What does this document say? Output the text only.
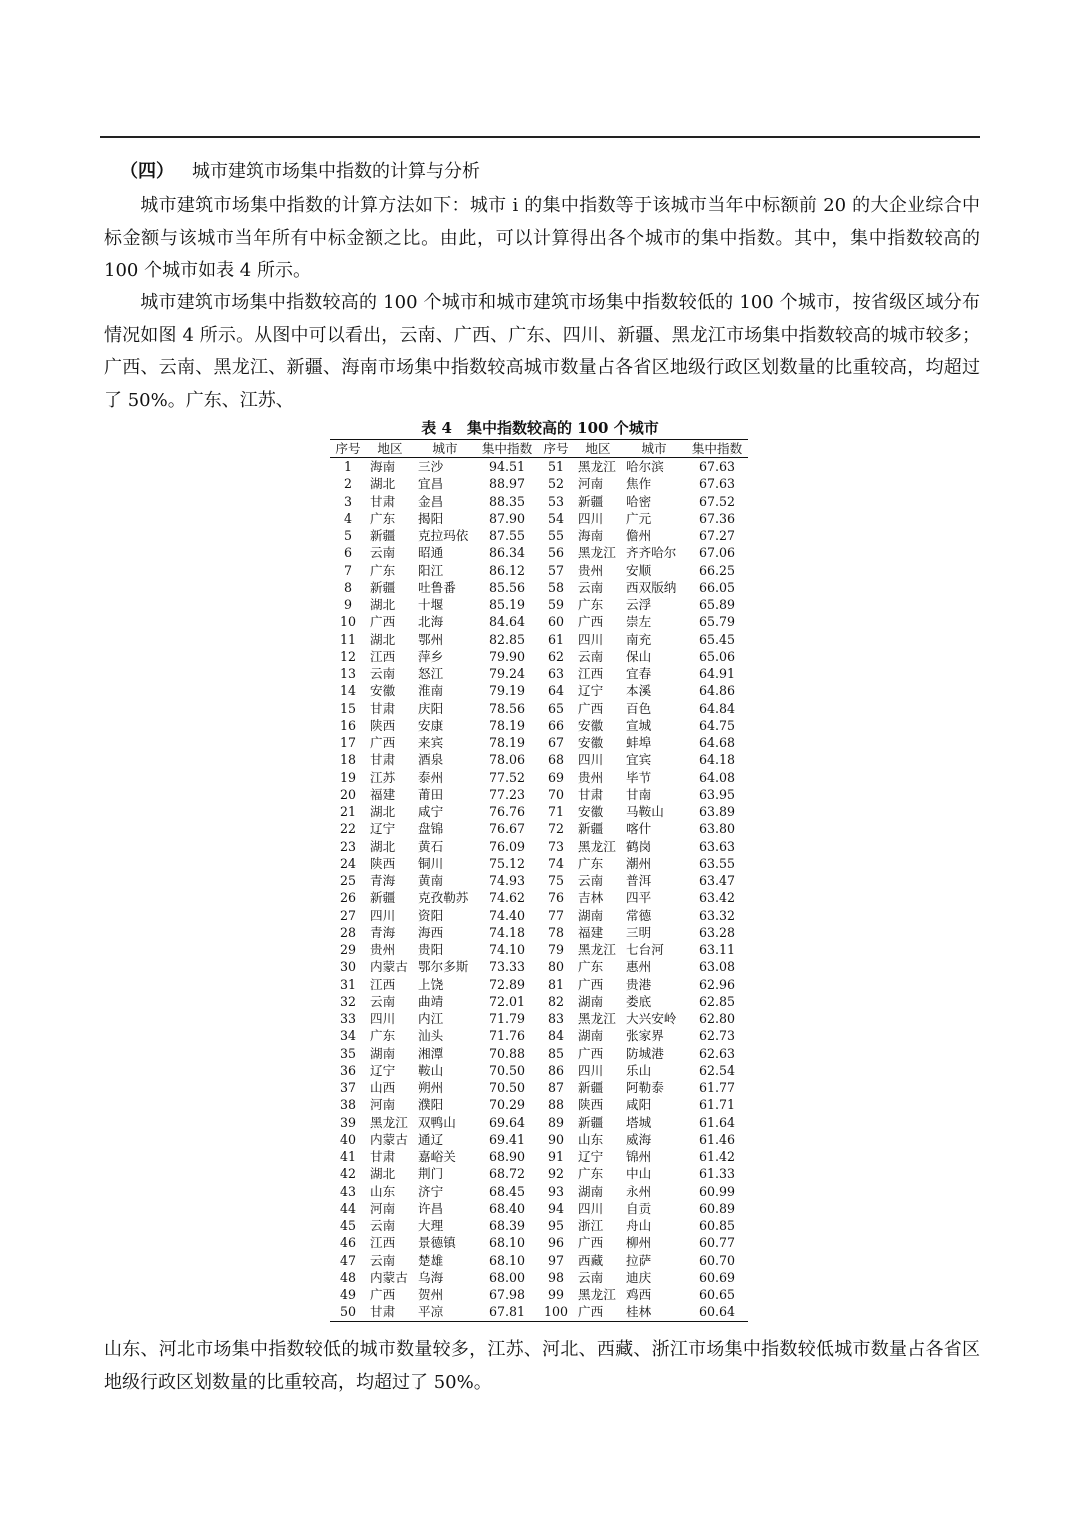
（四） 城市建筑市场集中指数的计算与分析
城市建筑市场集中指数的计算方法如下：城市 i 的集中指数等于该城市当年中标额前 20 的大企业综合中标金额与该城市当年所有中标金额之比。由此，可以计算得出各个城市的集中指数。其中，集中指数较高的 100 个城市如表 4 所示。
城市建筑市场集中指数较高的 100 个城市和城市建筑市场集中指数较低的 100 个城市，按省级区域分布情况如图 4 所示。从图中可以看出，云南、广西、广东、四川、新疆、黑龙江市场集中指数较高的城市较多；广西、云南、黑龙江、新疆、海南市场集中指数较高城市数量占各省区地级行政区划数量的比重较高，均超过了 50%。广东、江苏、
表 4　集中指数较高的 100 个城市
序号	地区	城市	集中指数	序号	地区	城市	集中指数
1	海南	三沙	94.51	51	黑龙江	哈尔滨	67.63
2	湖北	宜昌	88.97	52	河南	焦作	67.63
3	甘肃	金昌	88.35	53	新疆	哈密	67.52
4	广东	揭阳	87.90	54	四川	广元	67.36
5	新疆	克拉玛依	87.55	55	海南	儋州	67.27
6	云南	昭通	86.34	56	黑龙江	齐齐哈尔	67.06
7	广东	阳江	86.12	57	贵州	安顺	66.25
8	新疆	吐鲁番	85.56	58	云南	西双版纳	66.05
9	湖北	十堰	85.19	59	广东	云浮	65.89
10	广西	北海	84.64	60	广西	崇左	65.79
11	湖北	鄂州	82.85	61	四川	南充	65.45
12	江西	萍乡	79.90	62	云南	保山	65.06
13	云南	怒江	79.24	63	江西	宜春	64.91
14	安徽	淮南	79.19	64	辽宁	本溪	64.86
15	甘肃	庆阳	78.56	65	广西	百色	64.84
16	陕西	安康	78.19	66	安徽	宣城	64.75
17	广西	来宾	78.19	67	安徽	蚌埠	64.68
18	甘肃	酒泉	78.06	68	四川	宜宾	64.18
19	江苏	泰州	77.52	69	贵州	毕节	64.08
20	福建	莆田	77.23	70	甘肃	甘南	63.95
21	湖北	咸宁	76.76	71	安徽	马鞍山	63.89
22	辽宁	盘锦	76.67	72	新疆	喀什	63.80
23	湖北	黄石	76.09	73	黑龙江	鹤岗	63.63
24	陕西	铜川	75.12	74	广东	潮州	63.55
25	青海	黄南	74.93	75	云南	普洱	63.47
26	新疆	克孜勒苏	74.62	76	吉林	四平	63.42
27	四川	资阳	74.40	77	湖南	常德	63.32
28	青海	海西	74.18	78	福建	三明	63.28
29	贵州	贵阳	74.10	79	黑龙江	七台河	63.11
30	内蒙古	鄂尔多斯	73.33	80	广东	惠州	63.08
31	江西	上饶	72.89	81	广西	贵港	62.96
32	云南	曲靖	72.01	82	湖南	娄底	62.85
33	四川	内江	71.79	83	黑龙江	大兴安岭	62.80
34	广东	汕头	71.76	84	湖南	张家界	62.73
35	湖南	湘潭	70.88	85	广西	防城港	62.63
36	辽宁	鞍山	70.50	86	四川	乐山	62.54
37	山西	朔州	70.50	87	新疆	阿勒泰	61.77
38	河南	濮阳	70.29	88	陕西	咸阳	61.71
39	黑龙江	双鸭山	69.64	89	新疆	塔城	61.64
40	内蒙古	通辽	69.41	90	山东	威海	61.46
41	甘肃	嘉峪关	68.90	91	辽宁	锦州	61.42
42	湖北	荆门	68.72	92	广东	中山	61.33
43	山东	济宁	68.45	93	湖南	永州	60.99
44	河南	许昌	68.40	94	四川	自贡	60.89
45	云南	大理	68.39	95	浙江	舟山	60.85
46	江西	景德镇	68.10	96	广西	柳州	60.77
47	云南	楚雄	68.10	97	西藏	拉萨	60.70
48	内蒙古	乌海	68.00	98	云南	迪庆	60.69
49	广西	贺州	67.98	99	黑龙江	鸡西	60.65
50	甘肃	平凉	67.81	100	广西	桂林	60.64
山东、河北市场集中指数较低的城市数量较多，江苏、河北、西藏、浙江市场集中指数较低城市数量占各省区地级行政区划数量的比重较高，均超过了 50%。
